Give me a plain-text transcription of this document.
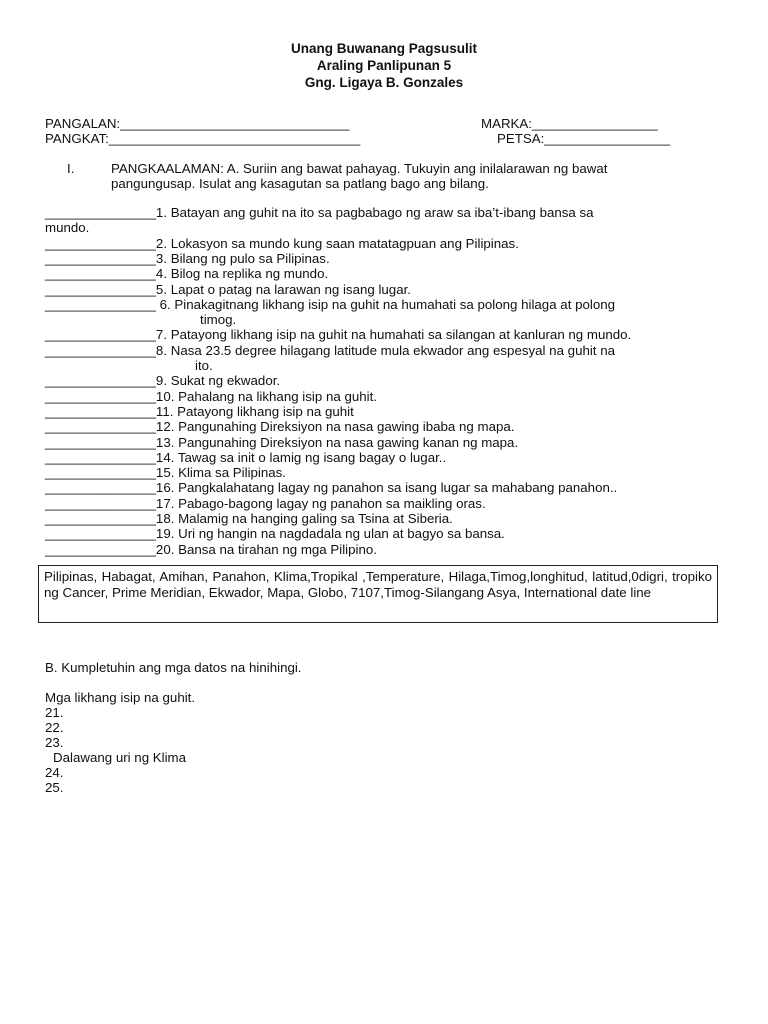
Unang Buwanang Pagsusulit
Araling Panlipunan 5
Gng. Ligaya B. Gonzales
PANGALAN:_______________________________	MARKA:_________________
PANGKAT:__________________________________	PETSA:_________________
I.	PANGKAALAMAN: A. Suriin ang bawat pahayag. Tukuyin ang inilalarawan ng bawat
pangungusap. Isulat ang kasagutan sa patlang bago ang bilang.
_______________1. Batayan ang guhit na ito sa pagbabago ng araw sa iba’t-ibang bansa sa
mundo.
_______________2. Lokasyon sa mundo kung saan matatagpuan ang Pilipinas.
_______________3. Bilang ng pulo sa Pilipinas.
_______________4. Bilog na replika ng mundo.
_______________5. Lapat o patag na larawan ng isang lugar.
_______________ 6. Pinakagitnang likhang isip na guhit na humahati sa polong hilaga at polong
timog.
_______________7. Patayong likhang isip na guhit na humahati sa silangan at kanluran ng mundo.
_______________8. Nasa 23.5 degree hilagang latitude mula ekwador ang espesyal na guhit na
ito.
_______________9. Sukat ng ekwador.
_______________10. Pahalang na likhang isip na guhit.
_______________11. Patayong likhang isip na guhit
_______________12. Pangunahing Direksiyon na nasa gawing ibaba ng mapa.
_______________13. Pangunahing Direksiyon na nasa gawing kanan ng mapa.
_______________14. Tawag sa init o lamig ng isang bagay o lugar..
_______________15. Klima sa Pilipinas.
_______________16. Pangkalahatang lagay ng panahon sa isang lugar sa mahabang panahon..
_______________17. Pabago-bagong lagay ng panahon sa maikling oras.
_______________18. Malamig na hanging galing sa Tsina at Siberia.
_______________19. Uri ng hangin na nagdadala ng ulan at bagyo sa bansa.
_______________20. Bansa na tirahan ng mga Pilipino.
Pilipinas, Habagat, Amihan, Panahon, Klima,Tropikal ,Temperature, Hilaga,Timog,longhitud, latitud,0digri, tropiko ng Cancer, Prime Meridian, Ekwador, Mapa, Globo, 7107,Timog-Silangang Asya, International date line
B. Kumpletuhin ang mga datos na hinihingi.
Mga likhang isip na guhit.
21.
22.
23.
Dalawang uri ng Klima
24.
25.
